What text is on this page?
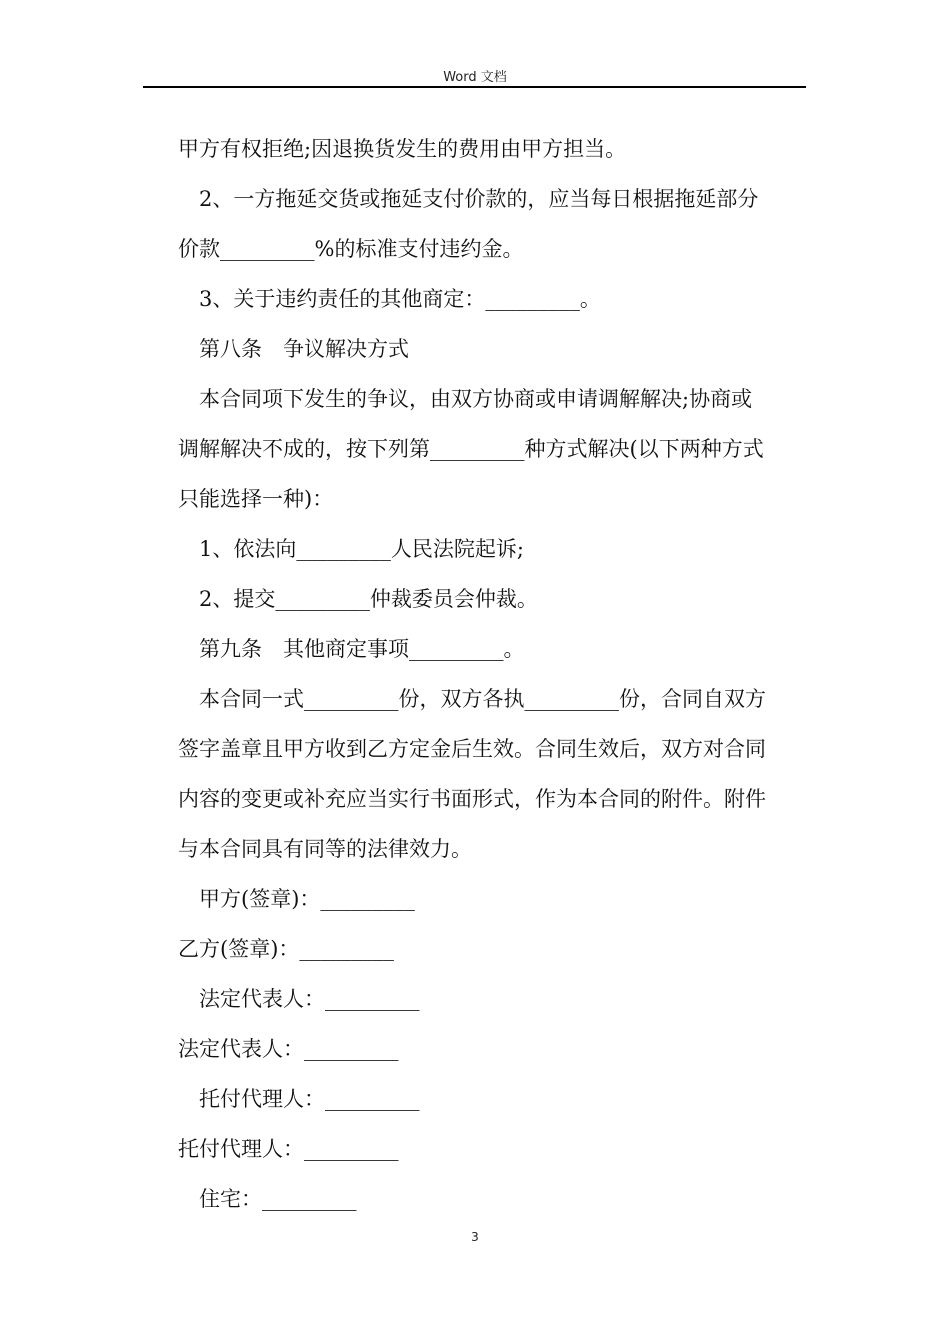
Word 文档
甲方有权拒绝;因退换货发生的费用由甲方担当。
2、一方拖延交货或拖延支付价款的，应当每日根据拖延部分
价款_________%的标准支付违约金。
3、关于违约责任的其他商定：_________。
第八条　争议解决方式
本合同项下发生的争议，由双方协商或申请调解解决;协商或
调解解决不成的，按下列第_________种方式解决(以下两种方式
只能选择一种)：
1、依法向_________人民法院起诉;
2、提交_________仲裁委员会仲裁。
第九条　其他商定事项_________。
本合同一式_________份，双方各执_________份，合同自双方
签字盖章且甲方收到乙方定金后生效。合同生效后，双方对合同
内容的变更或补充应当实行书面形式，作为本合同的附件。附件
与本合同具有同等的法律效力。
甲方(签章)：_________
乙方(签章)：_________
法定代表人：_________
法定代表人：_________
托付代理人：_________
托付代理人：_________
住宅：_________
3
